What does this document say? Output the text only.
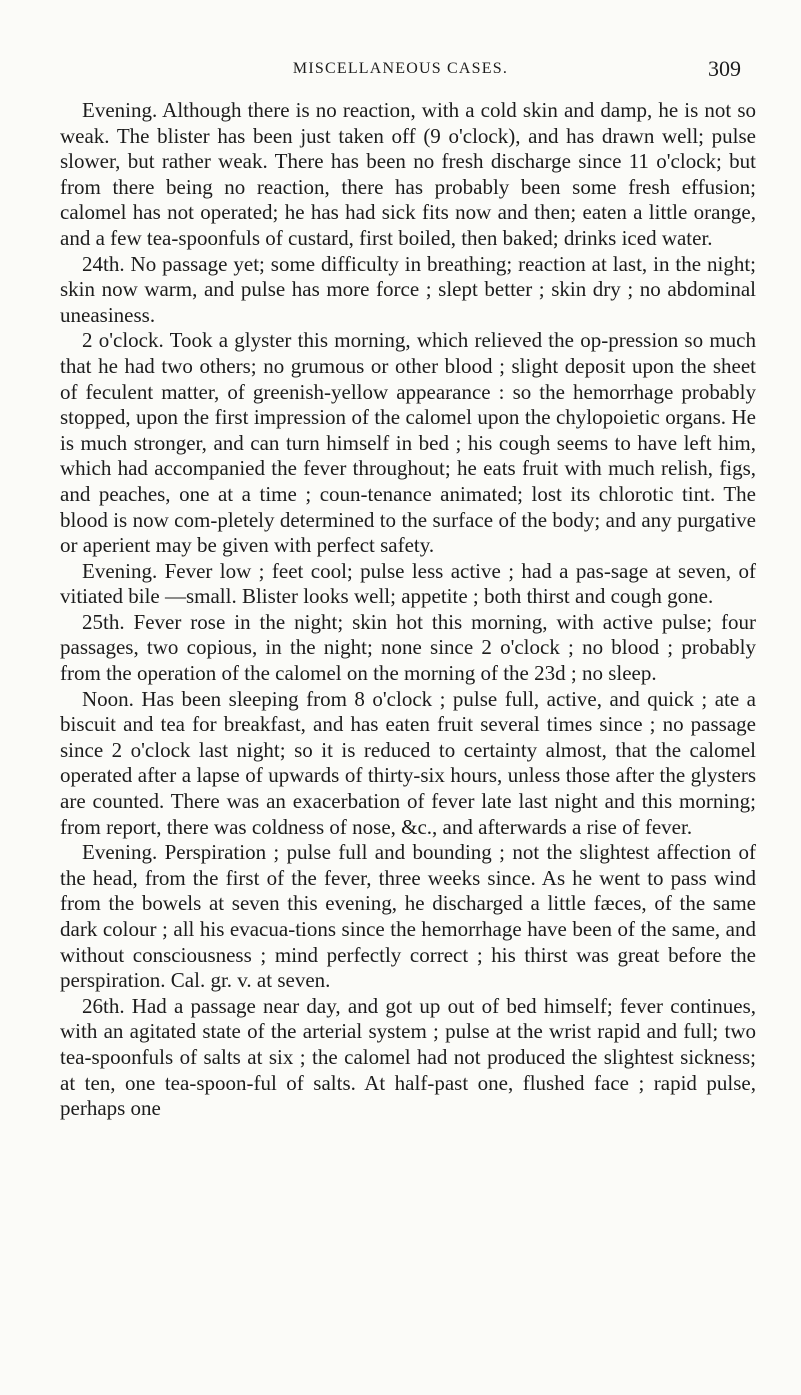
MISCELLANEOUS CASES.	309

Evening. Although there is no reaction, with a cold skin and damp, he is not so weak. The blister has been just taken off (9 o'clock), and has drawn well; pulse slower, but rather weak. There has been no fresh discharge since 11 o'clock; but from there being no reaction, there has probably been some fresh effusion; calomel has not operated; he has had sick fits now and then; eaten a little orange, and a few tea-spoonfuls of custard, first boiled, then baked; drinks iced water.

24th. No passage yet; some difficulty in breathing; reaction at last, in the night; skin now warm, and pulse has more force ; slept better ; skin dry ; no abdominal uneasiness.

2 o'clock. Took a glyster this morning, which relieved the op-pression so much that he had two others; no grumous or other blood ; slight deposit upon the sheet of feculent matter, of greenish-yellow appearance : so the hemorrhage probably stopped, upon the first impression of the calomel upon the chylopoietic organs. He is much stronger, and can turn himself in bed ; his cough seems to have left him, which had accompanied the fever throughout; he eats fruit with much relish, figs, and peaches, one at a time ; coun-tenance animated; lost its chlorotic tint. The blood is now com-pletely determined to the surface of the body; and any purgative or aperient may be given with perfect safety.

Evening. Fever low ; feet cool; pulse less active ; had a pas-sage at seven, of vitiated bile —small. Blister looks well; appetite ; both thirst and cough gone.

25th. Fever rose in the night; skin hot this morning, with active pulse; four passages, two copious, in the night; none since 2 o'clock ; no blood ; probably from the operation of the calomel on the morning of the 23d ; no sleep.

Noon. Has been sleeping from 8 o'clock ; pulse full, active, and quick ; ate a biscuit and tea for breakfast, and has eaten fruit several times since ; no passage since 2 o'clock last night; so it is reduced to certainty almost, that the calomel operated after a lapse of upwards of thirty-six hours, unless those after the glysters are counted. There was an exacerbation of fever late last night and this morning; from report, there was coldness of nose, &c., and afterwards a rise of fever.

Evening. Perspiration ; pulse full and bounding ; not the slightest affection of the head, from the first of the fever, three weeks since. As he went to pass wind from the bowels at seven this evening, he discharged a little fæces, of the same dark colour ; all his evacua-tions since the hemorrhage have been of the same, and without consciousness ; mind perfectly correct ; his thirst was great before the perspiration. Cal. gr. v. at seven.

26th. Had a passage near day, and got up out of bed himself; fever continues, with an agitated state of the arterial system ; pulse at the wrist rapid and full; two tea-spoonfuls of salts at six ; the calomel had not produced the slightest sickness; at ten, one tea-spoon-ful of salts. At half-past one, flushed face ; rapid pulse, perhaps one
